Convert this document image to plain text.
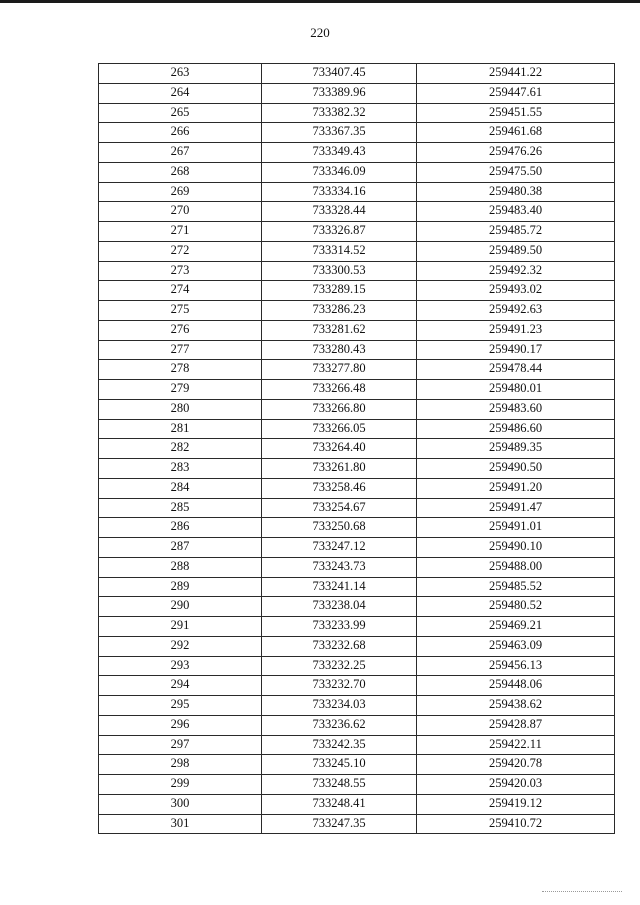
220
263	733407.45	259441.22
264	733389.96	259447.61
265	733382.32	259451.55
266	733367.35	259461.68
267	733349.43	259476.26
268	733346.09	259475.50
269	733334.16	259480.38
270	733328.44	259483.40
271	733326.87	259485.72
272	733314.52	259489.50
273	733300.53	259492.32
274	733289.15	259493.02
275	733286.23	259492.63
276	733281.62	259491.23
277	733280.43	259490.17
278	733277.80	259478.44
279	733266.48	259480.01
280	733266.80	259483.60
281	733266.05	259486.60
282	733264.40	259489.35
283	733261.80	259490.50
284	733258.46	259491.20
285	733254.67	259491.47
286	733250.68	259491.01
287	733247.12	259490.10
288	733243.73	259488.00
289	733241.14	259485.52
290	733238.04	259480.52
291	733233.99	259469.21
292	733232.68	259463.09
293	733232.25	259456.13
294	733232.70	259448.06
295	733234.03	259438.62
296	733236.62	259428.87
297	733242.35	259422.11
298	733245.10	259420.78
299	733248.55	259420.03
300	733248.41	259419.12
301	733247.35	259410.72
